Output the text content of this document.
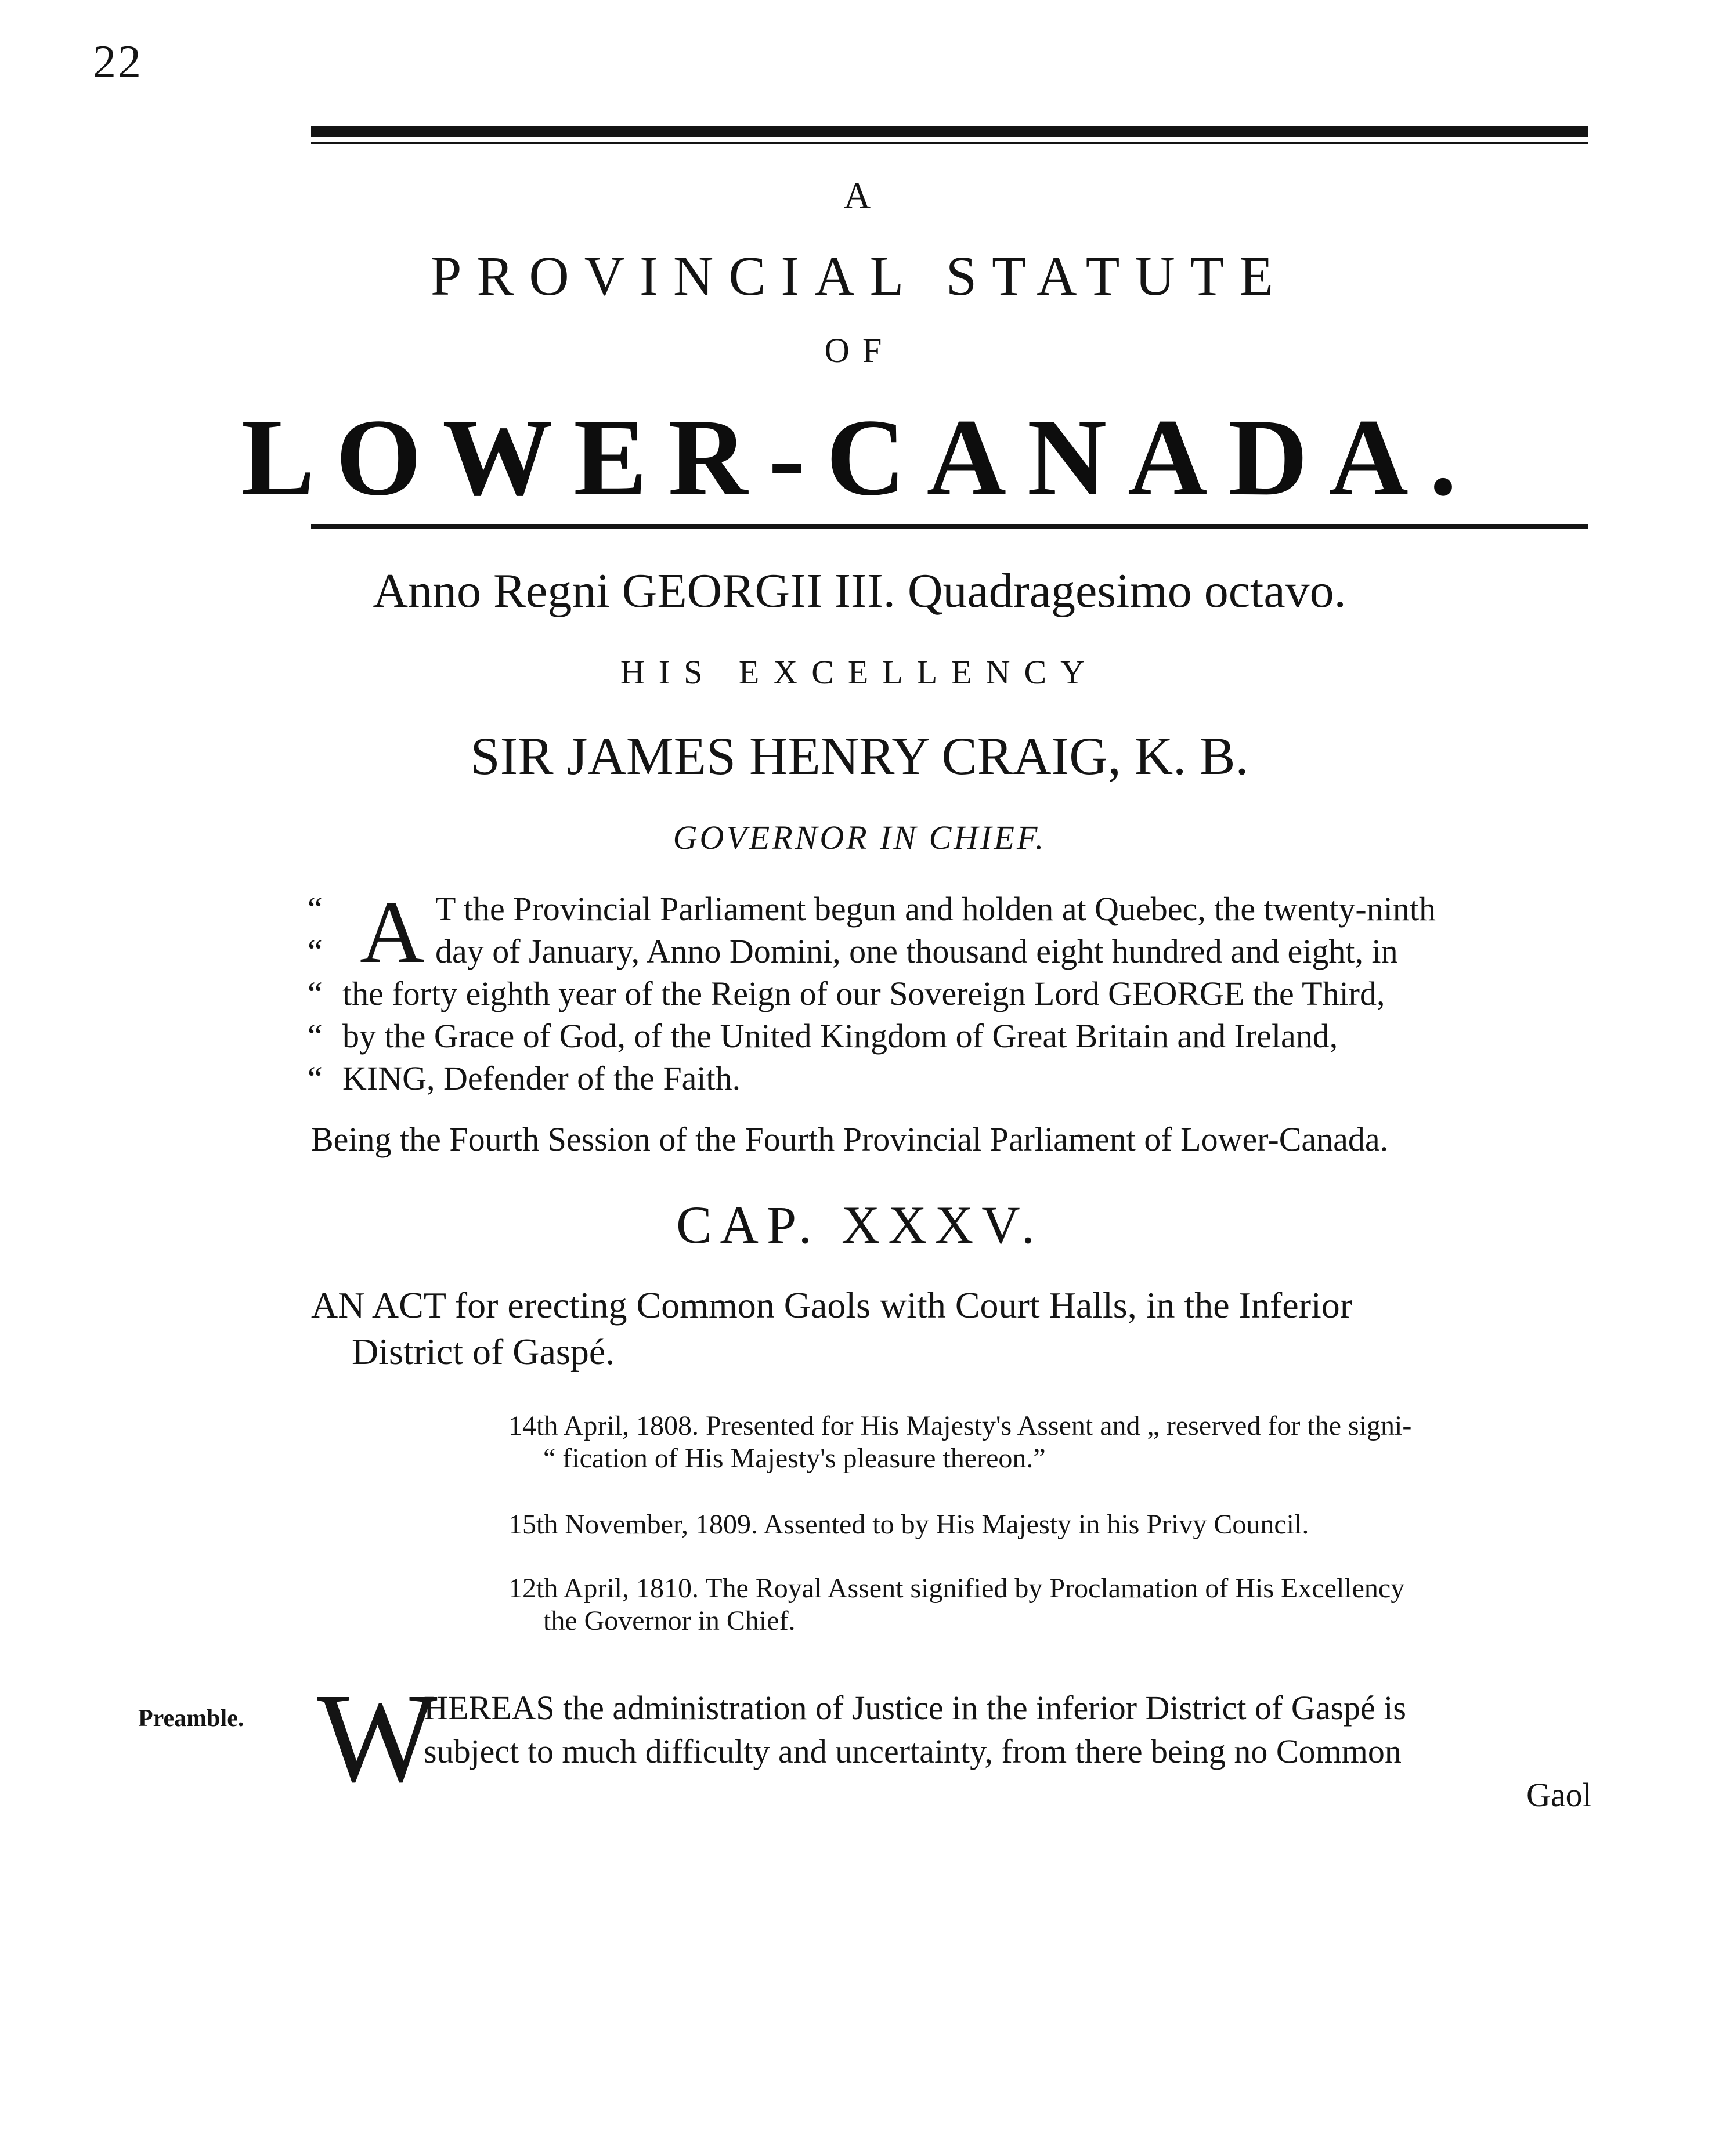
22
A
PROVINCIAL STATUTE
OF
LOWER-CANADA.
Anno Regni GEORGII III. Quadragesimo octavo.
HIS EXCELLENCY
SIR JAMES HENRY CRAIG, K. B.
GOVERNOR IN CHIEF.
A
“	T the Provincial Parliament begun and holden at Quebec, the twenty-ninth
“	day of January, Anno Domini, one thousand eight hundred and eight, in
“ the forty eighth year of the Reign of our Sovereign Lord GEORGE the Third,
“ by the Grace of God, of the United Kingdom of Great Britain and Ireland,
“ KING, Defender of the Faith.
Being the Fourth Session of the Fourth Provincial Parliament of Lower-Canada.
CAP. XXXV.
AN ACT for erecting Common Gaols with Court Halls, in the Inferior
District of Gaspé.
14th April, 1808. Presented for His Majesty's Assent and „ reserved for the signi-
“ fication of His Majesty's pleasure thereon.”
15th November, 1809. Assented to by His Majesty in his Privy Council.
12th April, 1810. The Royal Assent signified by Proclamation of His Excellency
the Governor in Chief.
Preamble. W
HEREAS the administration of Justice in the inferior District of Gaspé is
subject to much difficulty and uncertainty, from there being no Common
Gaol
